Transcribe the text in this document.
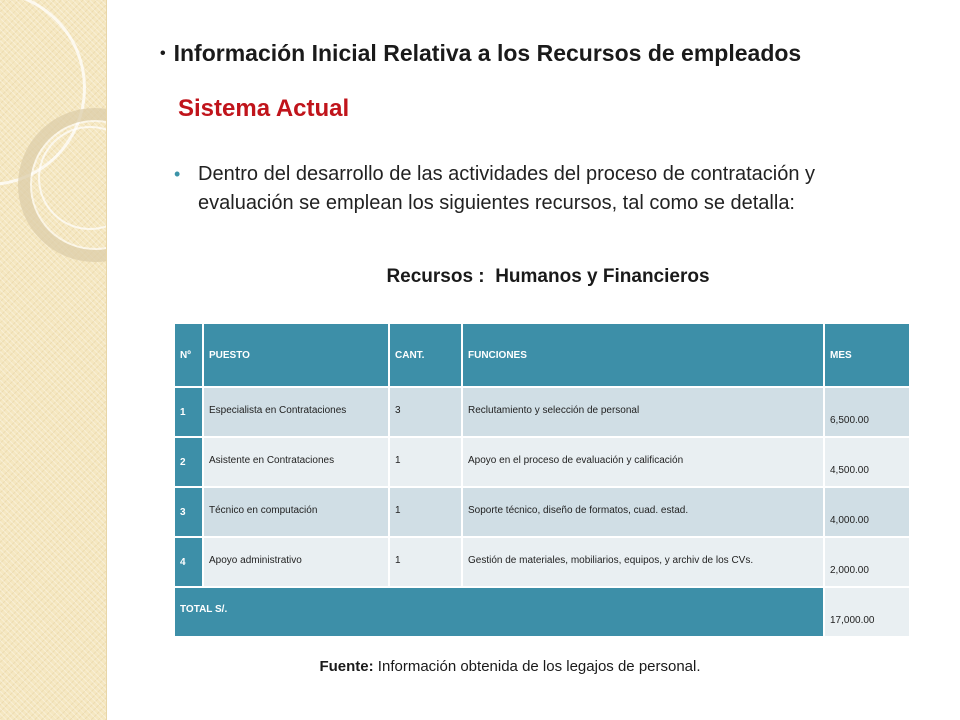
• Información Inicial Relativa a los Recursos de empleados
Sistema Actual
• Dentro del desarrollo de las actividades del proceso de contratación y evaluación se emplean los siguientes recursos, tal como se detalla:
Recursos :  Humanos y Financieros
Nº	PUESTO	CANT.	FUNCIONES	MES
1	Especialista en Contrataciones	3	Reclutamiento y selección de personal	6,500.00
2	Asistente en Contrataciones	1	Apoyo en el proceso de evaluación y calificación	4,500.00
3	Técnico en computación	1	Soporte técnico, diseño de formatos, cuad. estad.	4,000.00
4	Apoyo administrativo	1	Gestión de materiales, mobiliarios, equipos, y archiv de los CVs.	2,000.00
TOTAL S/.				17,000.00
Fuente: Información obtenida de los legajos de personal.
